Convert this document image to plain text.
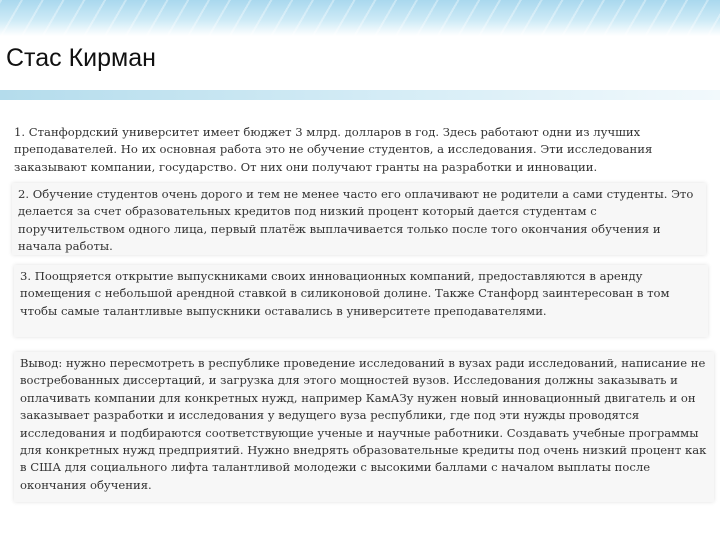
Стас Кирман
1. Станфордский университет имеет бюджет 3 млрд. долларов в год. Здесь работают одни из лучших преподавателей. Но их основная работа это не обучение студентов, а исследования. Эти исследования заказывают компании, государство. От них они получают гранты на разработки и инновации.
2. Обучение студентов очень дорого и тем не менее часто его оплачивают не родители а сами студенты. Это делается за счет образовательных кредитов под низкий процент который дается студентам с поручительством одного лица, первый платёж выплачивается только после того окончания обучения и начала работы.
3. Поощряется открытие выпускниками своих инновационных компаний, предоставляются в аренду помещения с небольшой арендной ставкой в силиконовой долине. Также Станфорд заинтересован в том чтобы самые талантливые выпускники оставались в университете преподавателями.
Вывод: нужно пересмотреть в республике проведение исследований в вузах ради исследований, написание не востребованных диссертаций, и загрузка для этого мощностей вузов. Исследования должны заказывать и оплачивать компании для конкретных нужд, например КамАЗу нужен новый инновационный двигатель и он заказывает разработки и исследования у ведущего вуза республики, где под эти нужды проводятся исследования и подбираются соответствующие ученые и научные работники. Создавать учебные программы для конкретных нужд предприятий. Нужно внедрять образовательные кредиты под очень низкий процент как в США для социального лифта талантливой молодежи с высокими баллами с началом выплаты после окончания обучения.
